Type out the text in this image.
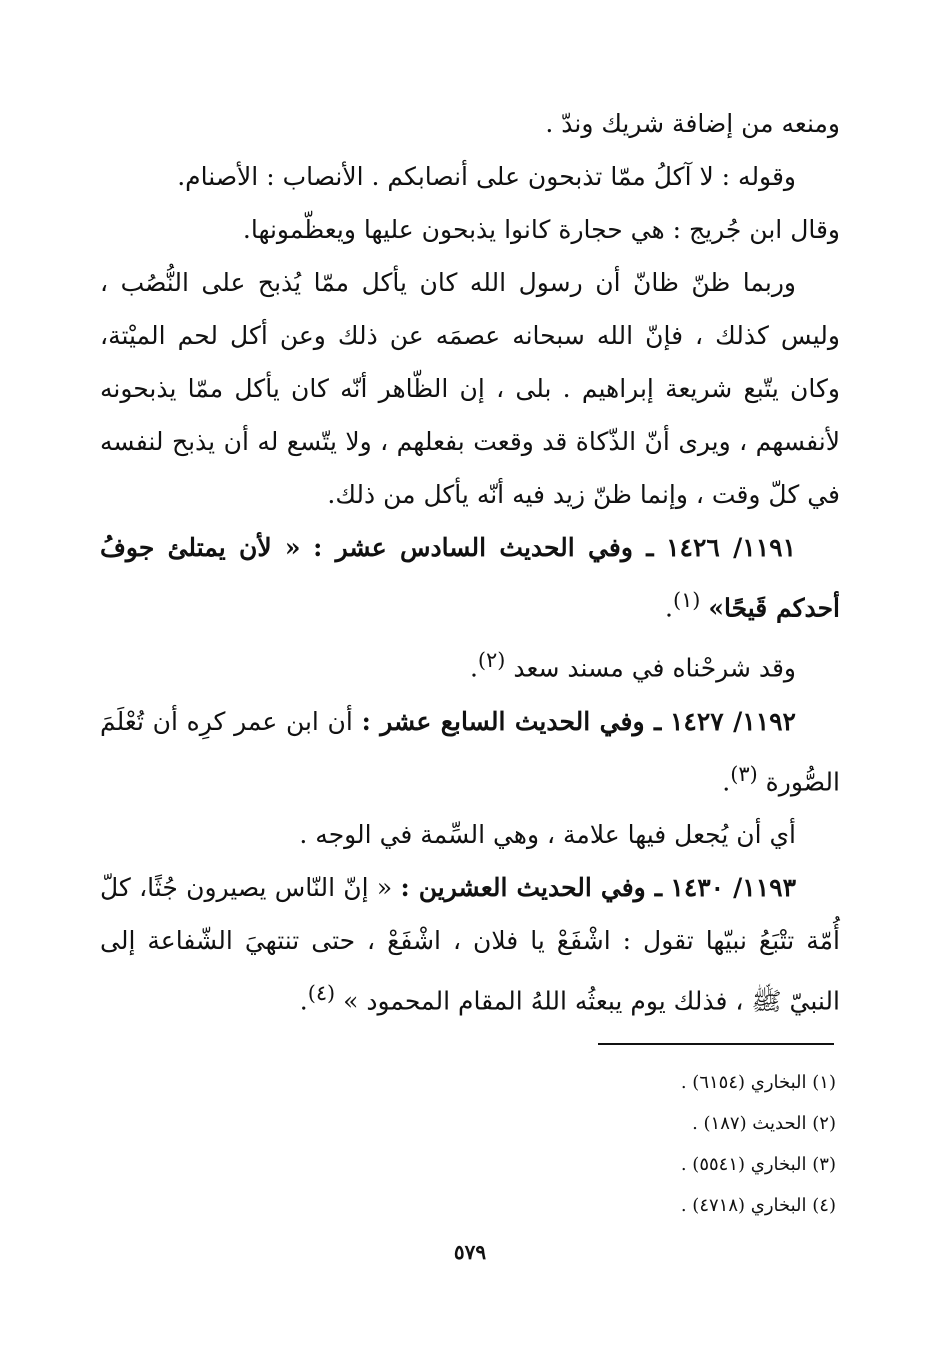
ومنعه من إضافة شريك وندّ .

وقوله : لا آكلُ ممّا تذبحون على أنصابكم . الأنصاب : الأصنام.

وقال ابن جُريج : هي حجارة كانوا يذبحون عليها ويعظّمونها.

وربما ظنّ ظانّ أن رسول الله كان يأكل ممّا يُذبح على النُّصُب ، وليس كذلك ، فإنّ الله سبحانه عصمَه عن ذلك وعن أكل لحم الميْتة، وكان يتّبع شريعة إبراهيم . بلى ، إن الظّاهر أنّه كان يأكل ممّا يذبحونه لأنفسهم ، ويرى أنّ الذّكاة قد وقعت بفعلهم ، ولا يتّسع له أن يذبح لنفسه في كلّ وقت ، وإنما ظنّ زيد فيه أنّه يأكل من ذلك.

١١٩١/ ١٤٢٦ ـ وفي الحديث السادس عشر : « لأن يمتلئ جوفُ أحدكم قَيحًا» $^{(١)}$.

وقد شرحْناه في مسند سعد $^{(٢)}$.

١١٩٢/ ١٤٢٧ ـ وفي الحديث السابع عشر : أن ابن عمر كرِه أن تُعْلَمَ الصُّورة $^{(٣)}$.

أي أن يُجعل فيها علامة ، وهي السِّمة في الوجه .

١١٩٣/ ١٤٣٠ ـ وفي الحديث العشرين : « إنّ النّاس يصيرون جُثًا، كلّ أُمّة تتْبَعُ نبيّها تقول : اشْفَعْ يا فلان ، اشْفَعْ ، حتى تنتهيَ الشّفاعة إلى النبيّ ﷺ ، فذلك يوم يبعثُه اللهُ المقام المحمود » $^{(٤)}$.

(١) البخاري (٦١٥٤) .
(٢) الحديث (١٨٧) .
(٣) البخاري (٥٥٤١) .
(٤) البخاري (٤٧١٨) .
٥٧٩
